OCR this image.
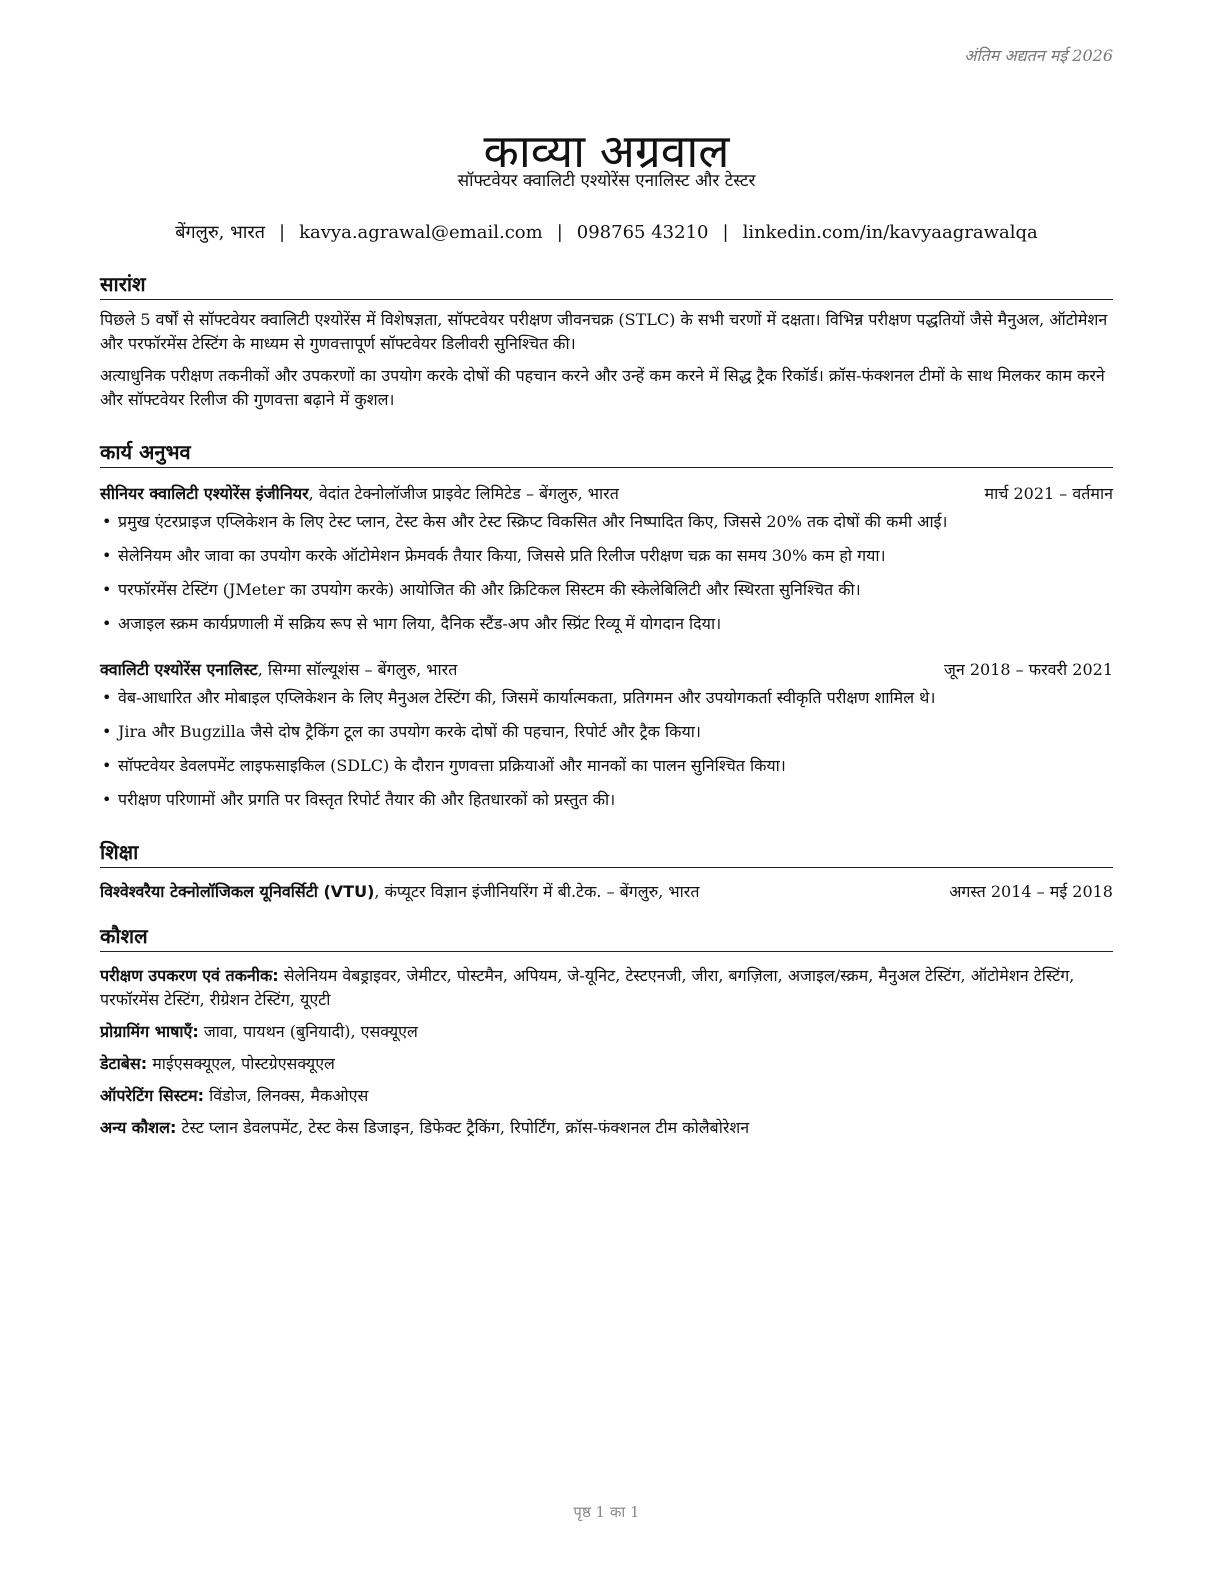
अंतिम अद्यतन मई 2026
काव्या अग्रवाल
सॉफ्टवेयर क्वालिटी एश्योरेंस एनालिस्ट और टेस्टर
बेंगलुरु, भारत | kavya.agrawal@email.com | 098765 43210 | linkedin.com/in/kavyaagrawalqa
सारांश

पिछले 5 वर्षों से सॉफ्टवेयर क्वालिटी एश्योरेंस में विशेषज्ञता, सॉफ्टवेयर परीक्षण जीवनचक्र (STLC) के सभी चरणों में दक्षता। विभिन्न परीक्षण पद्धतियों जैसे मैनुअल, ऑटोमेशन और परफॉरमेंस टेस्टिंग के माध्यम से गुणवत्तापूर्ण सॉफ्टवेयर डिलीवरी सुनिश्चित की।

अत्याधुनिक परीक्षण तकनीकों और उपकरणों का उपयोग करके दोषों की पहचान करने और उन्हें कम करने में सिद्ध ट्रैक रिकॉर्ड। क्रॉस-फंक्शनल टीमों के साथ मिलकर काम करने और सॉफ्टवेयर रिलीज की गुणवत्ता बढ़ाने में कुशल।

कार्य अनुभव
सीनियर क्वालिटी एश्योरेंस इंजीनियर, वेदांत टेक्नोलॉजीज प्राइवेट लिमिटेड – बेंगलुरु, भारत	मार्च 2021 – वर्तमान
• प्रमुख एंटरप्राइज एप्लिकेशन के लिए टेस्ट प्लान, टेस्ट केस और टेस्ट स्क्रिप्ट विकसित और निष्पादित किए, जिससे 20% तक दोषों की कमी आई।
• सेलेनियम और जावा का उपयोग करके ऑटोमेशन फ्रेमवर्क तैयार किया, जिससे प्रति रिलीज परीक्षण चक्र का समय 30% कम हो गया।
• परफॉरमेंस टेस्टिंग (JMeter का उपयोग करके) आयोजित की और क्रिटिकल सिस्टम की स्केलेबिलिटी और स्थिरता सुनिश्चित की।
• अजाइल स्क्रम कार्यप्रणाली में सक्रिय रूप से भाग लिया, दैनिक स्टैंड-अप और स्प्रिंट रिव्यू में योगदान दिया।
क्वालिटी एश्योरेंस एनालिस्ट, सिग्मा सॉल्यूशंस – बेंगलुरु, भारत	जून 2018 – फरवरी 2021
• वेब-आधारित और मोबाइल एप्लिकेशन के लिए मैनुअल टेस्टिंग की, जिसमें कार्यात्मकता, प्रतिगमन और उपयोगकर्ता स्वीकृति परीक्षण शामिल थे।
• Jira और Bugzilla जैसे दोष ट्रैकिंग टूल का उपयोग करके दोषों की पहचान, रिपोर्ट और ट्रैक किया।
• सॉफ्टवेयर डेवलपमेंट लाइफसाइकिल (SDLC) के दौरान गुणवत्ता प्रक्रियाओं और मानकों का पालन सुनिश्चित किया।
• परीक्षण परिणामों और प्रगति पर विस्तृत रिपोर्ट तैयार की और हितधारकों को प्रस्तुत की।
शिक्षा
विश्वेश्वरैया टेक्नोलॉजिकल यूनिवर्सिटी (VTU), कंप्यूटर विज्ञान इंजीनियरिंग में बी.टेक. – बेंगलुरु, भारत	अगस्त 2014 – मई 2018
कौशल
परीक्षण उपकरण एवं तकनीक: सेलेनियम वेबड्राइवर, जेमीटर, पोस्टमैन, अपियम, जे-यूनिट, टेस्टएनजी, जीरा, बगज़िला, अजाइल/स्क्रम, मैनुअल टेस्टिंग, ऑटोमेशन टेस्टिंग, परफॉरमेंस टेस्टिंग, रीग्रेशन टेस्टिंग, यूएटी
प्रोग्रामिंग भाषाएँ: जावा, पायथन (बुनियादी), एसक्यूएल
डेटाबेस: माईएसक्यूएल, पोस्टग्रेएसक्यूएल
ऑपरेटिंग सिस्टम: विंडोज, लिनक्स, मैकओएस
अन्य कौशल: टेस्ट प्लान डेवलपमेंट, टेस्ट केस डिजाइन, डिफेक्ट ट्रैकिंग, रिपोर्टिंग, क्रॉस-फंक्शनल टीम कोलैबोरेशन
पृष्ठ 1 का 1
